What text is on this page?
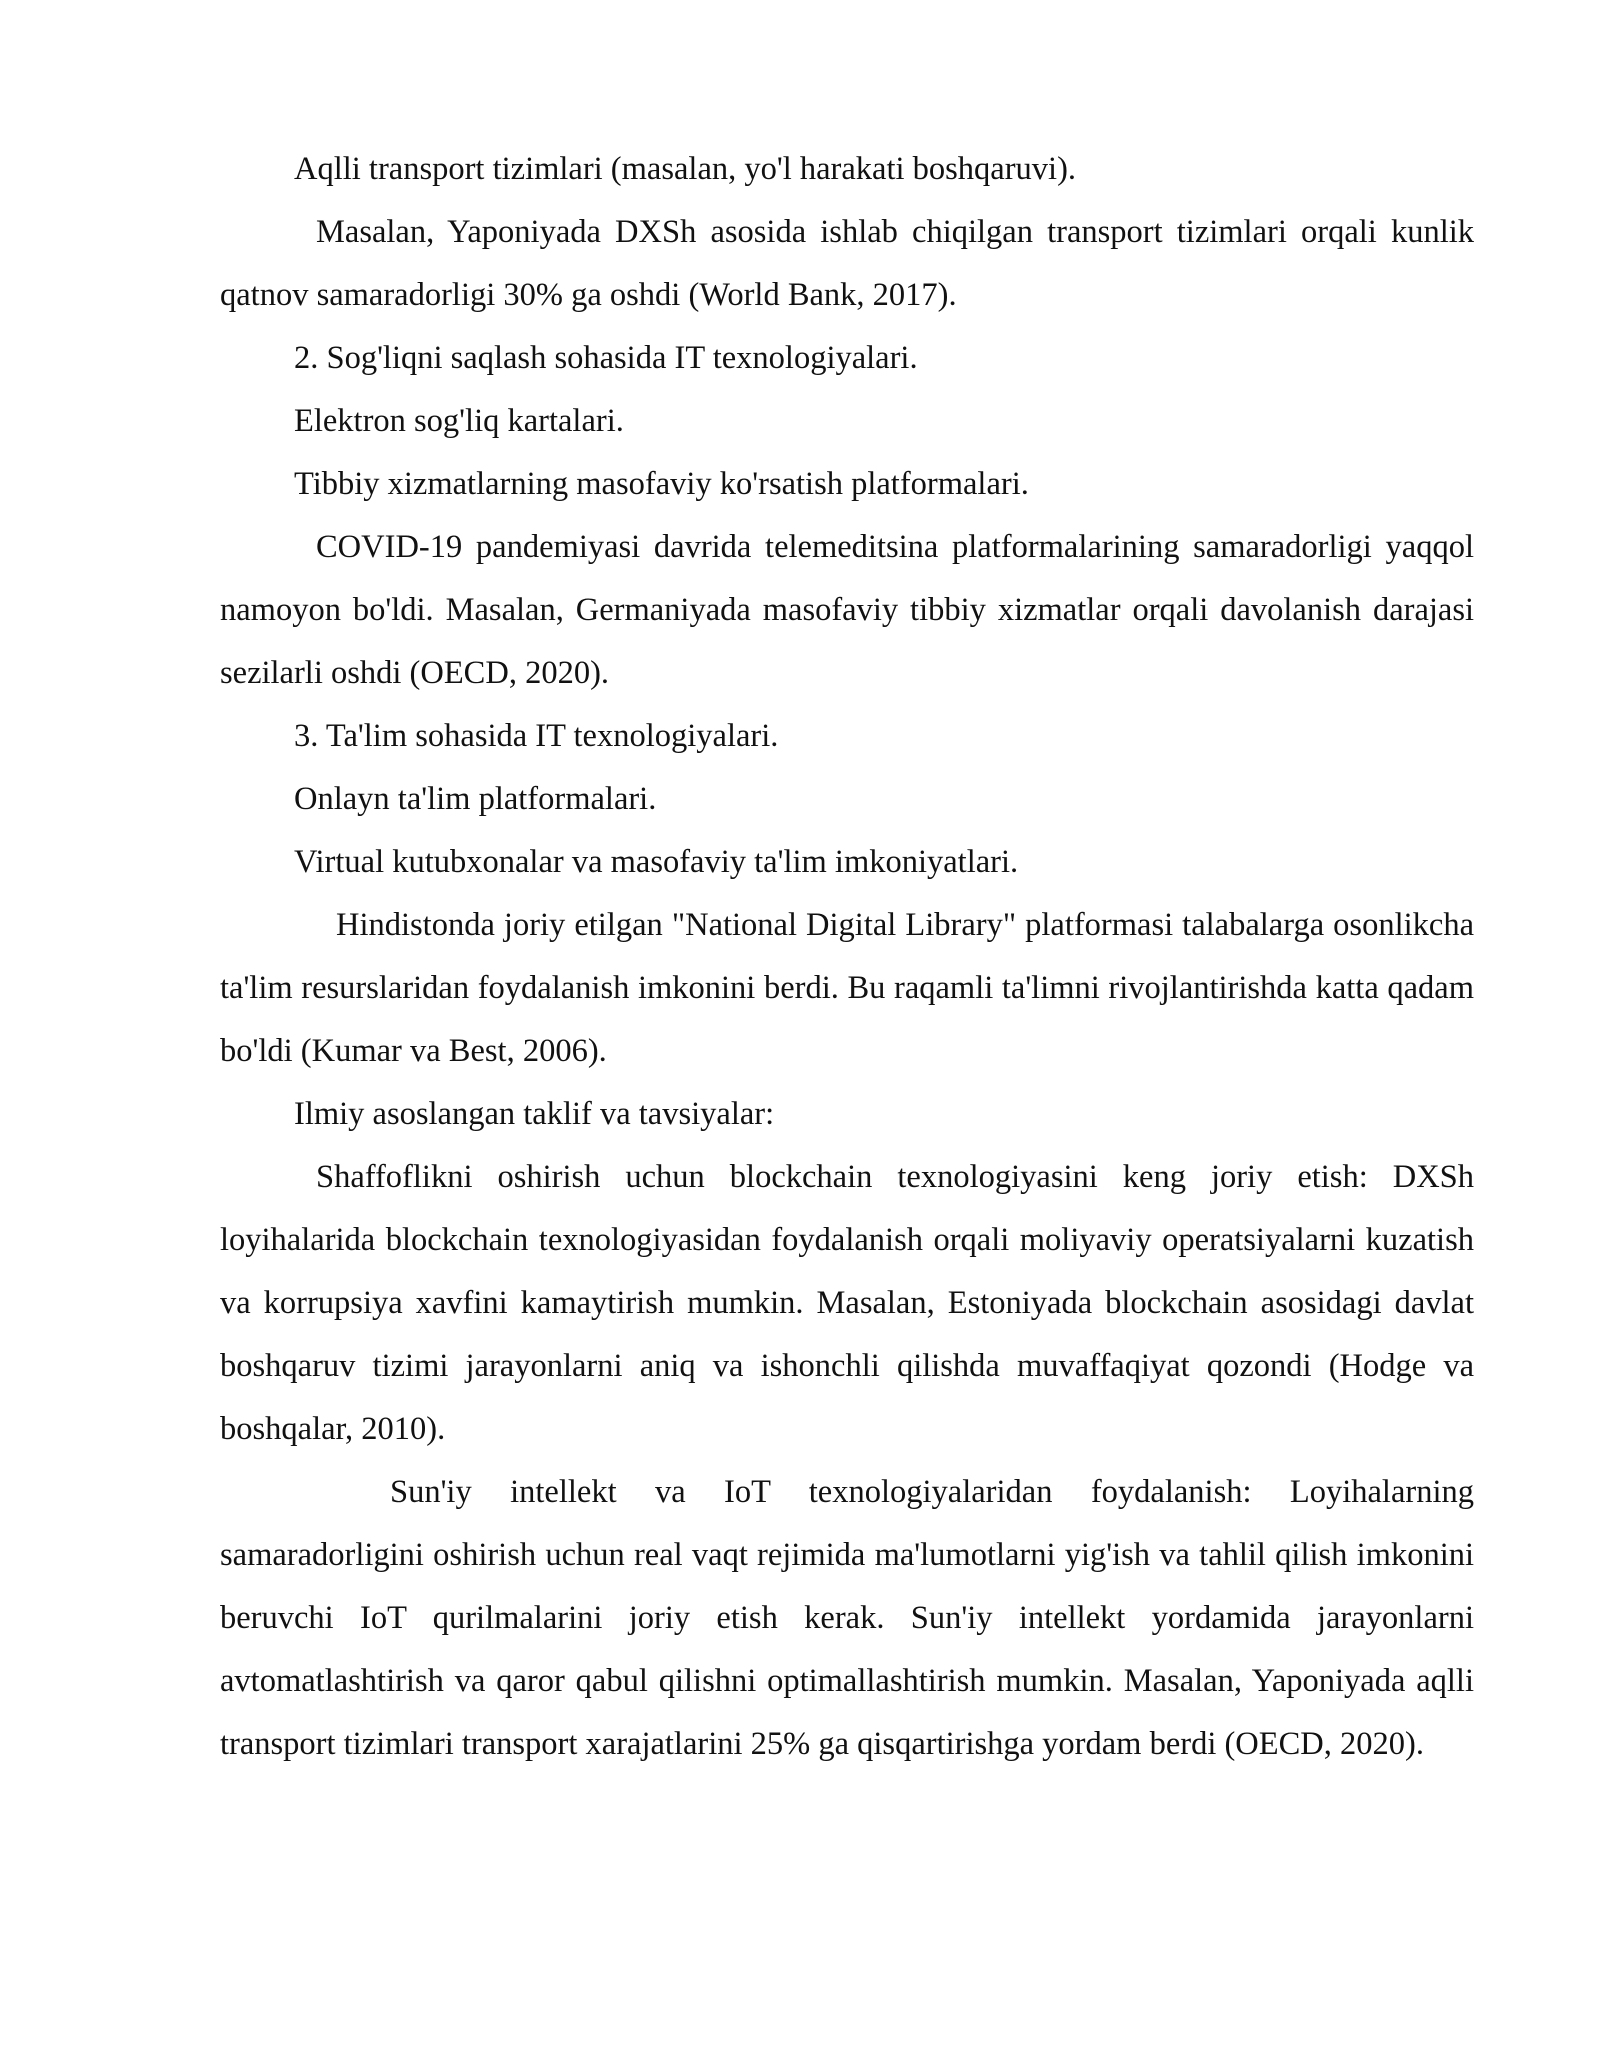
Aqlli transport tizimlari (masalan, yo'l harakati boshqaruvi).

Masalan, Yaponiyada DXSh asosida ishlab chiqilgan transport tizimlari orqali kunlik qatnov samaradorligi 30% ga oshdi (World Bank, 2017).

2. Sog'liqni saqlash sohasida IT texnologiyalari.

Elektron sog'liq kartalari.

Tibbiy xizmatlarning masofaviy ko'rsatish platformalari.

COVID-19 pandemiyasi davrida telemeditsina platformalarining samaradorligi yaqqol namoyon bo'ldi. Masalan, Germaniyada masofaviy tibbiy xizmatlar orqali davolanish darajasi sezilarli oshdi (OECD, 2020).

3. Ta'lim sohasida IT texnologiyalari.

Onlayn ta'lim platformalari.

Virtual kutubxonalar va masofaviy ta'lim imkoniyatlari.

Hindistonda joriy etilgan "National Digital Library" platformasi talabalarga osonlikcha ta'lim resurslaridan foydalanish imkonini berdi. Bu raqamli ta'limni rivojlantirishda katta qadam bo'ldi (Kumar va Best, 2006).

Ilmiy asoslangan taklif va tavsiyalar:

Shaffoflikni oshirish uchun blockchain texnologiyasini keng joriy etish: DXSh loyihalarida blockchain texnologiyasidan foydalanish orqali moliyaviy operatsiyalarni kuzatish va korrupsiya xavfini kamaytirish mumkin. Masalan, Estoniyada blockchain asosidagi davlat boshqaruv tizimi jarayonlarni aniq va ishonchli qilishda muvaffaqiyat qozondi (Hodge va boshqalar, 2010).

Sun'iy intellekt va IoT texnologiyalaridan foydalanish: Loyihalarning samaradorligini oshirish uchun real vaqt rejimida ma'lumotlarni yig'ish va tahlil qilish imkonini beruvchi IoT qurilmalarini joriy etish kerak. Sun'iy intellekt yordamida jarayonlarni avtomatlashtirish va qaror qabul qilishni optimallashtirish mumkin. Masalan, Yaponiyada aqlli transport tizimlari transport xarajatlarini 25% ga qisqartirishga yordam berdi (OECD, 2020).
